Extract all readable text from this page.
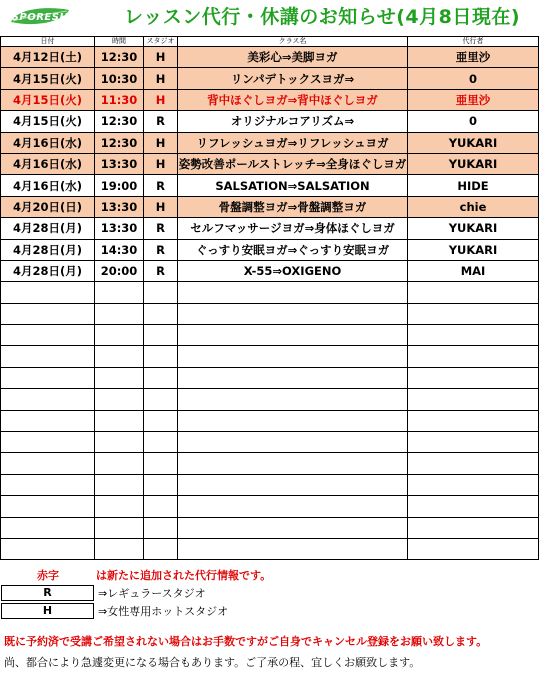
SPORESH	レッスン代行・休講のお知らせ(4月8日現在)
日付	時間	スタジオ	クラス名	代行者
4月12日(土)	12:30	H	美彩心⇒美脚ヨガ	亜里沙
4月15日(火)	10:30	H	リンパデトックスヨガ⇒	0
4月15日(火)	11:30	H	背中ほぐしヨガ⇒背中ほぐしヨガ	亜里沙
4月15日(火)	12:30	R	オリジナルコアリズム⇒	0
4月16日(水)	12:30	H	リフレッシュヨガ⇒リフレッシュヨガ	YUKARI
4月16日(水)	13:30	H	姿勢改善ポールストレッチ⇒全身ほぐしヨガ	YUKARI
4月16日(水)	19:00	R	SALSATION⇒SALSATION	HIDE
4月20日(日)	13:30	H	骨盤調整ヨガ⇒骨盤調整ヨガ	chie
4月28日(月)	13:30	R	セルフマッサージヨガ⇒身体ほぐしヨガ	YUKARI
4月28日(月)	14:30	R	ぐっすり安眠ヨガ⇒ぐっすり安眠ヨガ	YUKARI
4月28日(月)	20:00	R	X-55⇒OXIGENO	MAI

赤字	は新たに追加された代行情報です。
R	⇒レギュラースタジオ
H	⇒女性専用ホットスタジオ
既に予約済で受講ご希望されない場合はお手数ですがご自身でキャンセル登録をお願い致します。
尚、都合により急遽変更になる場合もあります。ご了承の程、宜しくお願致します。
